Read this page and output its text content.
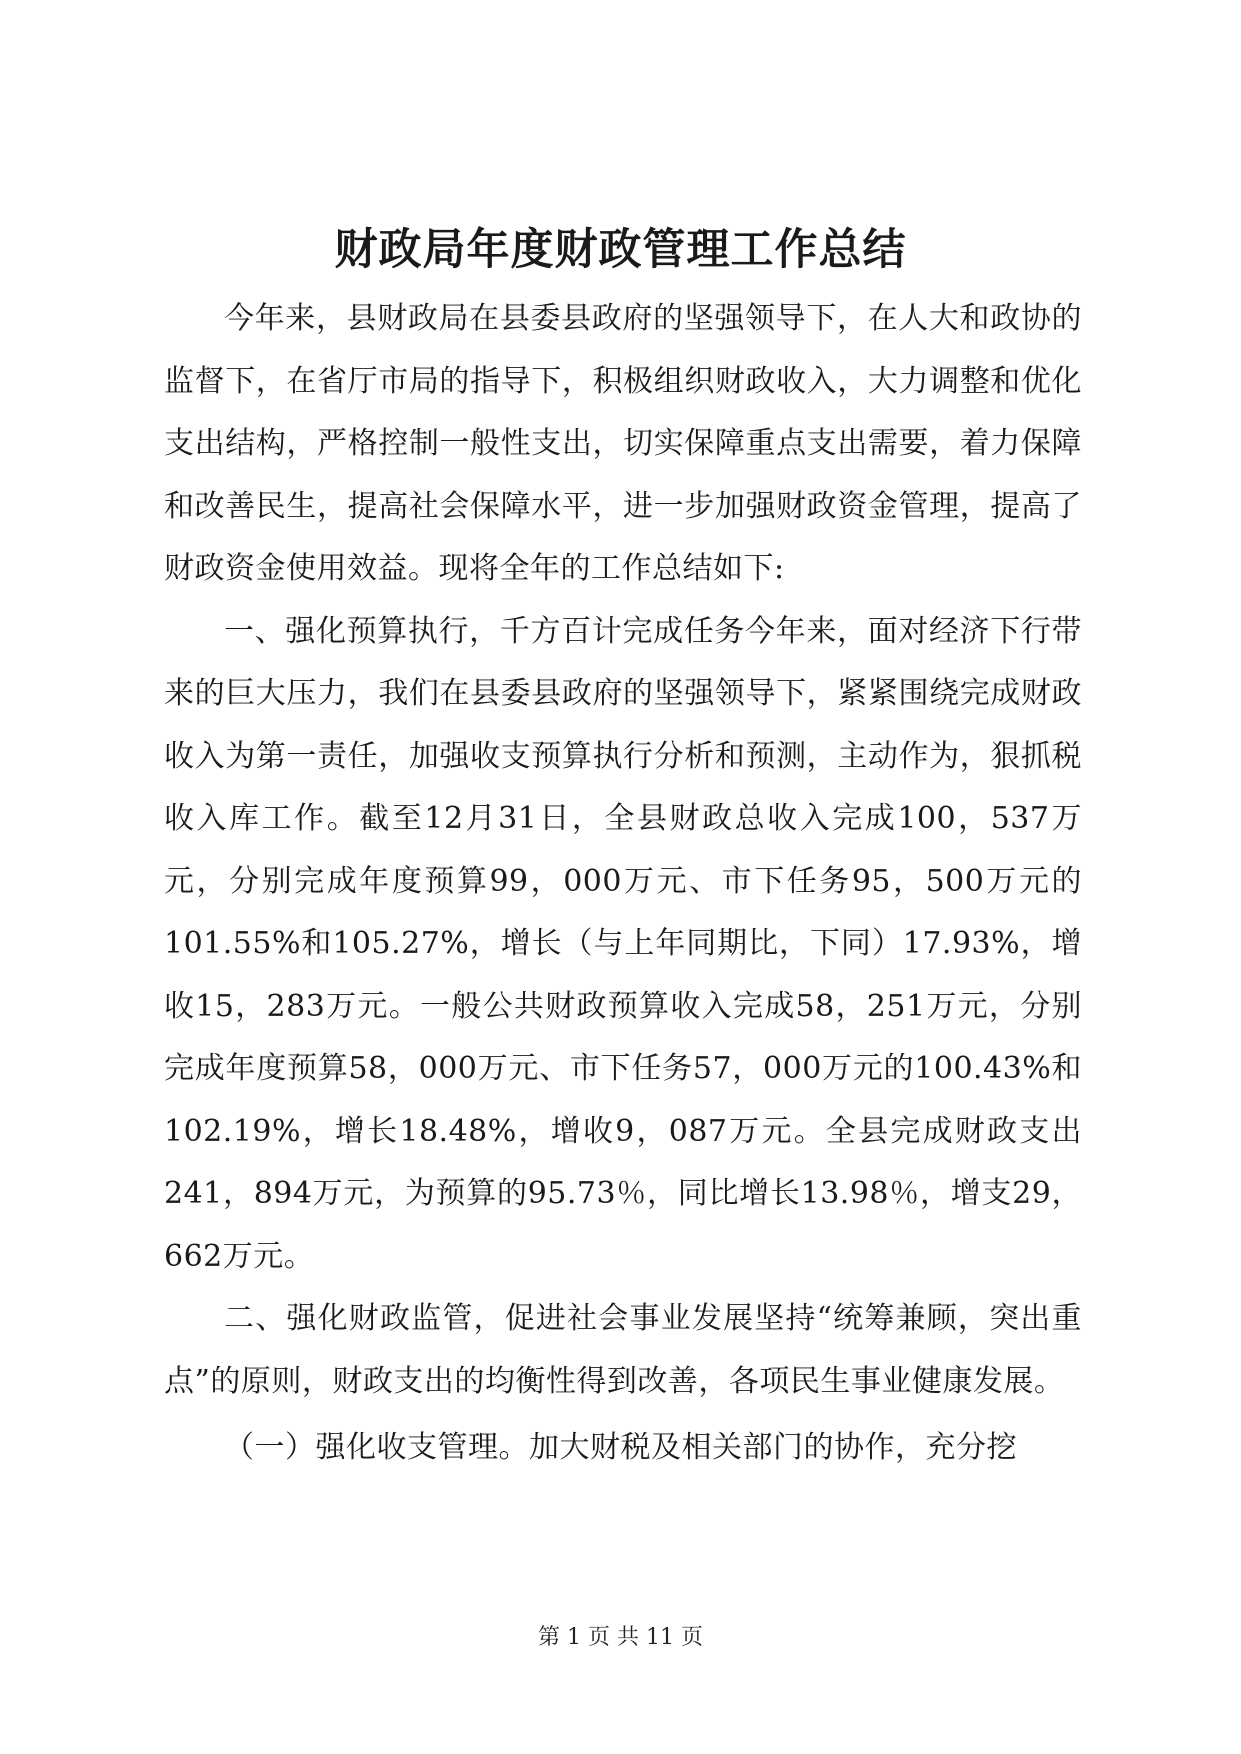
财政局年度财政管理工作总结

今年来，县财政局在县委县政府的坚强领导下，在人大和政协的监督下，在省厅市局的指导下，积极组织财政收入，大力调整和优化支出结构，严格控制一般性支出，切实保障重点支出需要，着力保障和改善民生，提高社会保障水平，进一步加强财政资金管理，提高了财政资金使用效益。现将全年的工作总结如下:

一、强化预算执行，千方百计完成任务今年来，面对经济下行带来的巨大压力，我们在县委县政府的坚强领导下，紧紧围绕完成财政收入为第一责任，加强收支预算执行分析和预测，主动作为，狠抓税收入库工作。截至12月31日，全县财政总收入完成100，537万元，分别完成年度预算99，000万元、市下任务95，500万元的101.55%和105.27%，增长（与上年同期比，下同）17.93%，增收15，283万元。一般公共财政预算收入完成58，251万元，分别完成年度预算58，000万元、市下任务57，000万元的100.43%和102.19%，增长18.48%，增收9，087万元。全县完成财政支出241，894万元，为预算的95.73％，同比增长13.98％，增支29，662万元。

二、强化财政监管，促进社会事业发展坚持“统筹兼顾，突出重点”的原则，财政支出的均衡性得到改善，各项民生事业健康发展。

（一）强化收支管理。加大财税及相关部门的协作，充分挖

第 1 页 共 11 页
